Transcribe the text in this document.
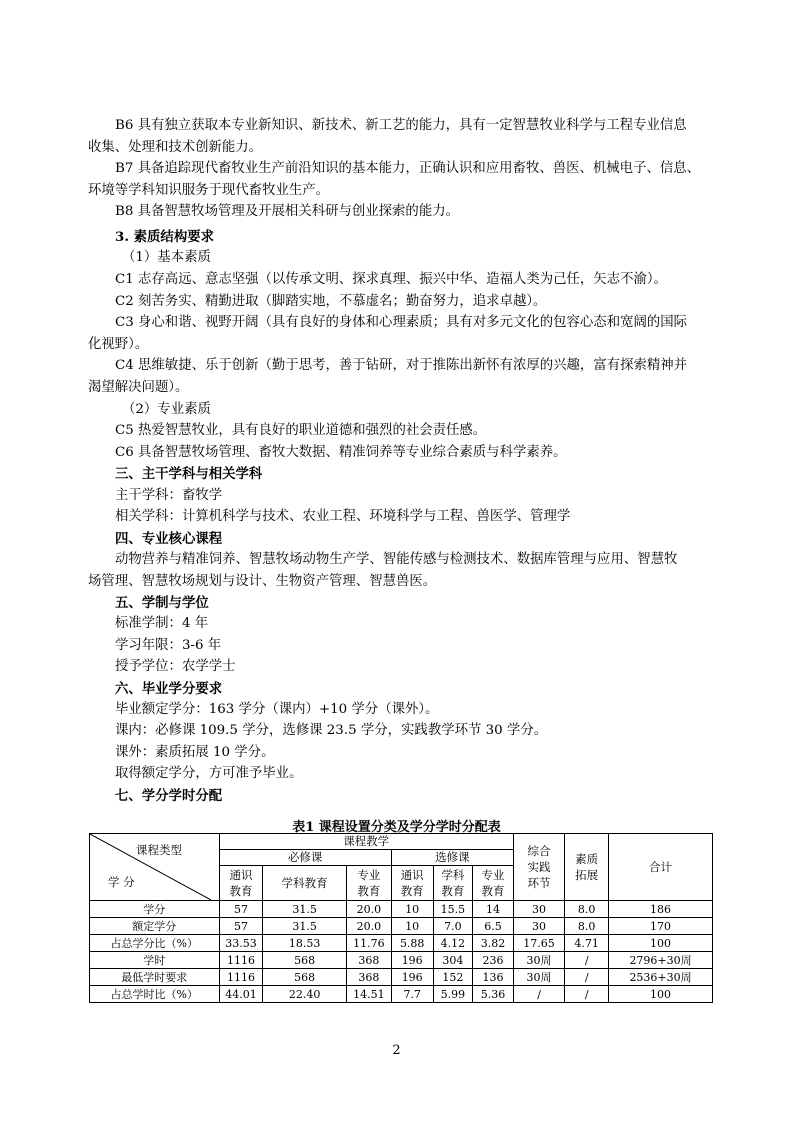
B6 具有独立获取本专业新知识、新技术、新工艺的能力，具有一定智慧牧业科学与工程专业信息
收集、处理和技术创新能力。
B7 具备追踪现代畜牧业生产前沿知识的基本能力，正确认识和应用畜牧、兽医、机械电子、信息、
环境等学科知识服务于现代畜牧业生产。
B8 具备智慧牧场管理及开展相关科研与创业探索的能力。
3. 素质结构要求
（1）基本素质
C1 志存高远、意志坚强（以传承文明、探求真理、振兴中华、造福人类为己任，矢志不渝）。
C2 刻苦务实、精勤进取（脚踏实地，不慕虚名；勤奋努力，追求卓越）。
C3 身心和谐、视野开阔（具有良好的身体和心理素质；具有对多元文化的包容心态和宽阔的国际
化视野）。
C4 思维敏捷、乐于创新（勤于思考，善于钻研，对于推陈出新怀有浓厚的兴趣，富有探索精神并
渴望解决问题）。
（2）专业素质
C5 热爱智慧牧业，具有良好的职业道德和强烈的社会责任感。
C6 具备智慧牧场管理、畜牧大数据、精准饲养等专业综合素质与科学素养。
三、主干学科与相关学科
主干学科：畜牧学
相关学科：计算机科学与技术、农业工程、环境科学与工程、兽医学、管理学
四、专业核心课程
动物营养与精准饲养、智慧牧场动物生产学、智能传感与检测技术、数据库管理与应用、智慧牧
场管理、智慧牧场规划与设计、生物资产管理、智慧兽医。
五、学制与学位
标准学制：4 年
学习年限：3-6 年
授予学位：农学学士
六、毕业学分要求
毕业额定学分：163 学分（课内）+10 学分（课外）。
课内：必修课 109.5 学分，选修课 23.5 学分，实践教学环节 30 学分。
课外：素质拓展 10 学分。
取得额定学分，方可准予毕业。
七、学分学时分配
表1 课程设置分类及学分学时分配表
课程类型
学 分	课程教学						综合实践环节	素质拓展	合计
	必修课			选修课					

	通识教育	学科教育	专业教育	通识教育	学科教育	专业教育			

学分	57	31.5	20.0	10	15.5	14	30	8.0	186
额定学分	57	31.5	20.0	10	7.0	6.5	30	8.0	170
占总学分比（%）	33.53	18.53	11.76	5.88	4.12	3.82	17.65	4.71	100
学时	1116	568	368	196	304	236	30周	/	2796+30周
最低学时要求	1116	568	368	196	152	136	30周	/	2536+30周
占总学时比（%）	44.01	22.40	14.51	7.7	5.99	5.36	/	/	100
2
